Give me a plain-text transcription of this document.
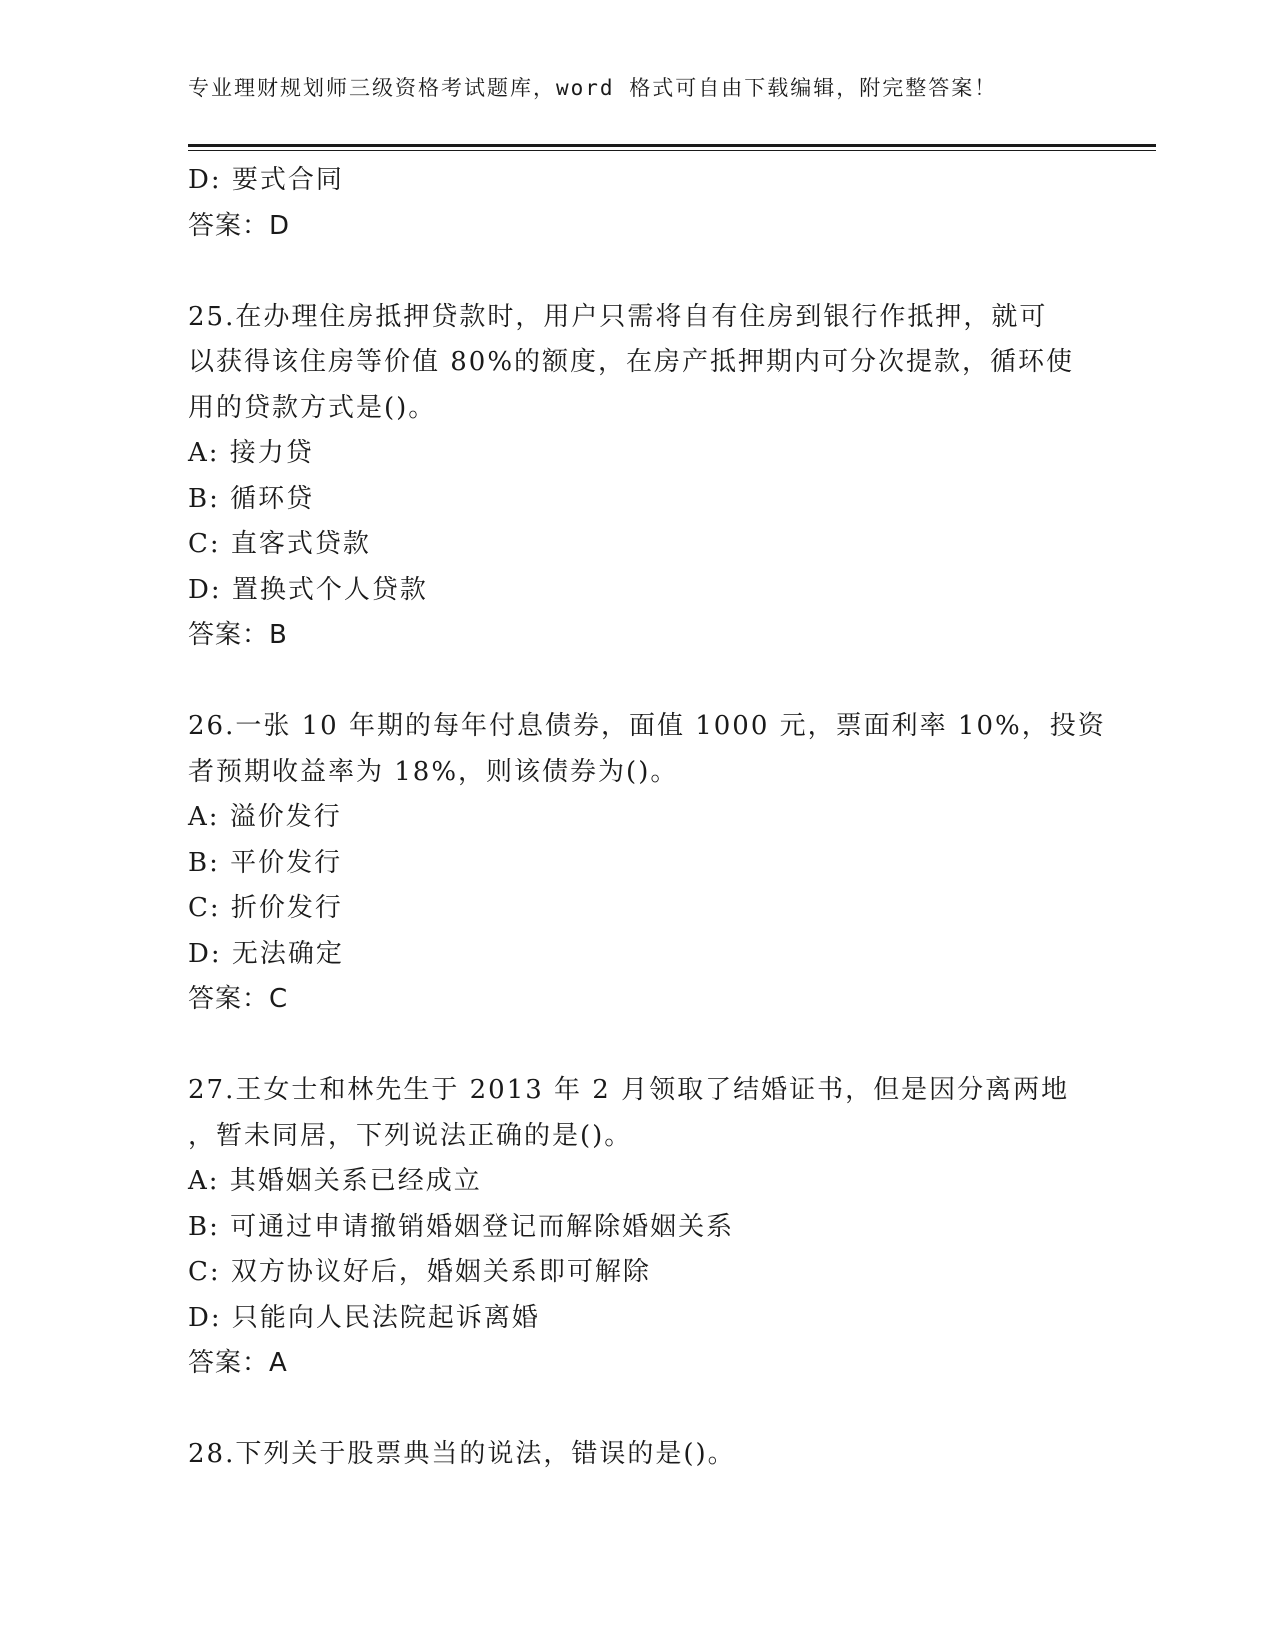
专业理财规划师三级资格考试题库，word 格式可自由下载编辑，附完整答案！
D: 要式合同
答案：D
25.在办理住房抵押贷款时，用户只需将自有住房到银行作抵押，就可
以获得该住房等价值 80%的额度，在房产抵押期内可分次提款，循环使
用的贷款方式是()。
A: 接力贷
B: 循环贷
C: 直客式贷款
D: 置换式个人贷款
答案：B
26.一张 10 年期的每年付息债券，面值 1000 元，票面利率 10%，投资
者预期收益率为 18%，则该债券为()。
A: 溢价发行
B: 平价发行
C: 折价发行
D: 无法确定
答案：C
27.王女士和林先生于 2013 年 2 月领取了结婚证书，但是因分离两地
，暂未同居，下列说法正确的是()。
A: 其婚姻关系已经成立
B: 可通过申请撤销婚姻登记而解除婚姻关系
C: 双方协议好后，婚姻关系即可解除
D: 只能向人民法院起诉离婚
答案：A
28.下列关于股票典当的说法，错误的是()。
